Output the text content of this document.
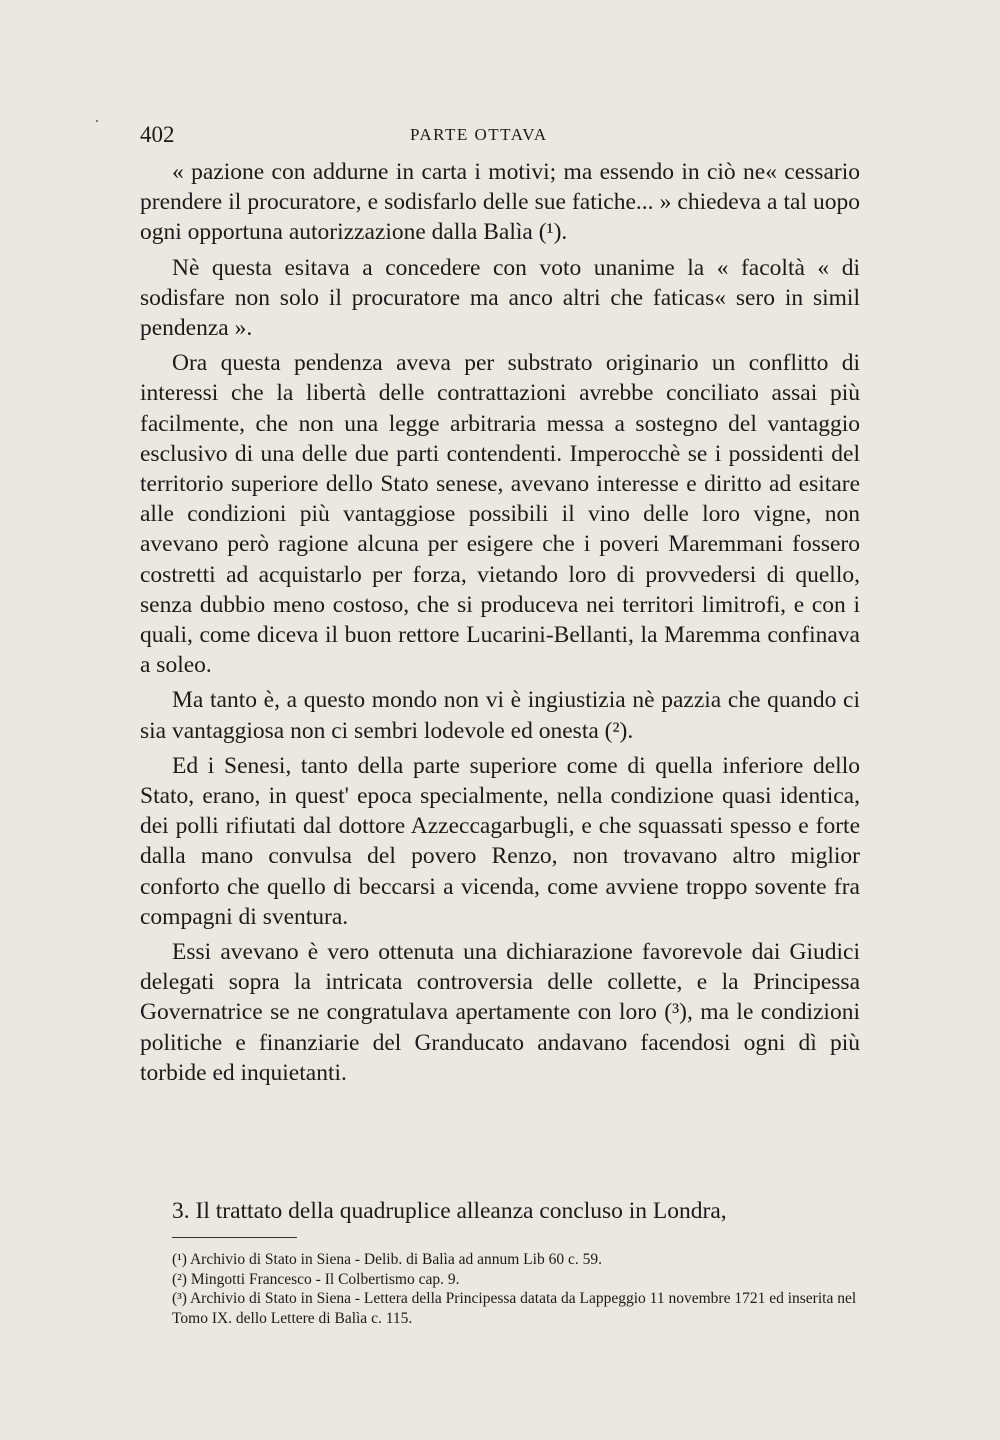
402	PARTE OTTAVA

« pazione con addurne in carta i motivi; ma essendo in ciò ne« cessario prendere il procuratore, e sodisfarlo delle sue fatiche... » chiedeva a tal uopo ogni opportuna autorizzazione dalla Balìa (¹).

Nè questa esitava a concedere con voto unanime la « facoltà « di sodisfare non solo il procuratore ma anco altri che faticas« sero in simil pendenza ».

Ora questa pendenza aveva per substrato originario un conflitto di interessi che la libertà delle contrattazioni avrebbe conciliato assai più facilmente, che non una legge arbitraria messa a sostegno del vantaggio esclusivo di una delle due parti contendenti. Imperocchè se i possidenti del territorio superiore dello Stato senese, avevano interesse e diritto ad esitare alle condizioni più vantaggiose possibili il vino delle loro vigne, non avevano però ragione alcuna per esigere che i poveri Maremmani fossero costretti ad acquistarlo per forza, vietando loro di provvedersi di quello, senza dubbio meno costoso, che si produceva nei territori limitrofi, e con i quali, come diceva il buon rettore Lucarini-Bellanti, la Maremma confinava a soleo.

Ma tanto è, a questo mondo non vi è ingiustizia nè pazzia che quando ci sia vantaggiosa non ci sembri lodevole ed onesta (²).

Ed i Senesi, tanto della parte superiore come di quella inferiore dello Stato, erano, in quest' epoca specialmente, nella condizione quasi identica, dei polli rifiutati dal dottore Azzeccagarbugli, e che squassati spesso e forte dalla mano convulsa del povero Renzo, non trovavano altro miglior conforto che quello di beccarsi a vicenda, come avviene troppo sovente fra compagni di sventura.

Essi avevano è vero ottenuta una dichiarazione favorevole dai Giudici delegati sopra la intricata controversia delle collette, e la Principessa Governatrice se ne congratulava apertamente con loro (³), ma le condizioni politiche e finanziarie del Granducato andavano facendosi ogni dì più torbide ed inquietanti.

3. Il trattato della quadruplice alleanza concluso in Londra,

(¹) Archivio di Stato in Siena - Delib. di Balìa ad annum Lib 60 c. 59.

(²) Mingotti Francesco - Il Colbertismo cap. 9.

(³) Archivio di Stato in Siena - Lettera della Principessa datata da Lappeggio 11 novembre 1721 ed inserita nel Tomo IX. dello Lettere di Balìa c. 115.
